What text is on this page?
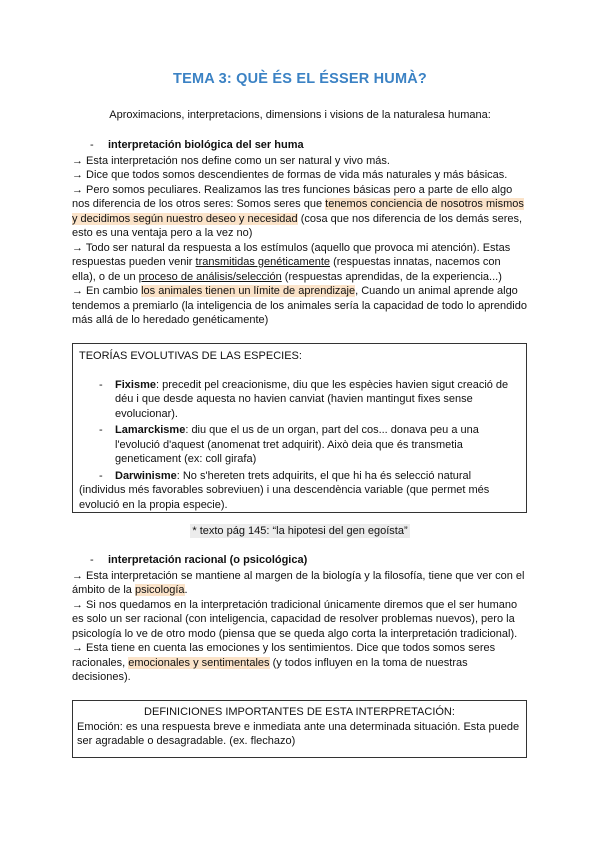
TEMA 3: QUÈ ÉS EL ÉSSER HUMÀ?
Aproximacions, interpretacions, dimensions i visions de la naturalesa humana:
-	interpretación biológica del ser huma

→ Esta interpretación nos define como un ser natural y vivo más.

→ Dice que todos somos descendientes de formas de vida más naturales y más básicas.

→ Pero somos peculiares. Realizamos las tres funciones básicas pero a parte de ello algo nos diferencia de los otros seres: Somos seres que tenemos conciencia de nosotros mismos y decidimos según nuestro deseo y necesidad (cosa que nos diferencia de los demás seres, esto es una ventaja pero a la vez no)

→ Todo ser natural da respuesta a los estímulos (aquello que provoca mi atención). Estas respuestas pueden venir transmitidas genéticamente (respuestas innatas, nacemos con ella), o de un proceso de análisis/selección (respuestas aprendidas, de la experiencia...)

→ En cambio los animales tienen un límite de aprendizaje, Cuando un animal aprende algo tendemos a premiarlo (la inteligencia de los animales sería la capacidad de todo lo aprendido más allá de lo heredado genéticamente)

TEORÍAS EVOLUTIVAS DE LAS ESPECIES:
-	Fixisme: precedit pel creacionisme, diu que les espècies havien sigut creació de déu i que desde aquesta no havien canviat (havien mantingut fixes sense evolucionar).
-	Lamarckisme: diu que el us de un organ, part del cos... donava peu a una l'evolució d'aquest (anomenat tret adquirit). Això deia que és transmetia geneticament (ex: coll girafa)
- Darwinisme: No s'hereten trets adquirits, el que hi ha és selecció natural (individus més favorables sobreviuen) i una descendència variable (que permet més evolució en la propia especie).
* texto pág 145: “la hipotesi del gen egoísta”
-	interpretación racional (o psicológica)

→ Esta interpretación se mantiene al margen de la biología y la filosofía, tiene que ver con el ámbito de la psicología.

→ Si nos quedamos en la interpretación tradicional únicamente diremos que el ser humano es solo un ser racional (con inteligencia, capacidad de resolver problemas nuevos), pero la psicología lo ve de otro modo (piensa que se queda algo corta la interpretación tradicional).

→ Esta tiene en cuenta las emociones y los sentimientos. Dice que todos somos seres racionales, emocionales y sentimentales (y todos influyen en la toma de nuestras decisiones).

DEFINICIONES IMPORTANTES DE ESTA INTERPRETACIÓN:
Emoción: es una respuesta breve e inmediata ante una determinada situación. Esta puede ser agradable o desagradable. (ex. flechazo)
